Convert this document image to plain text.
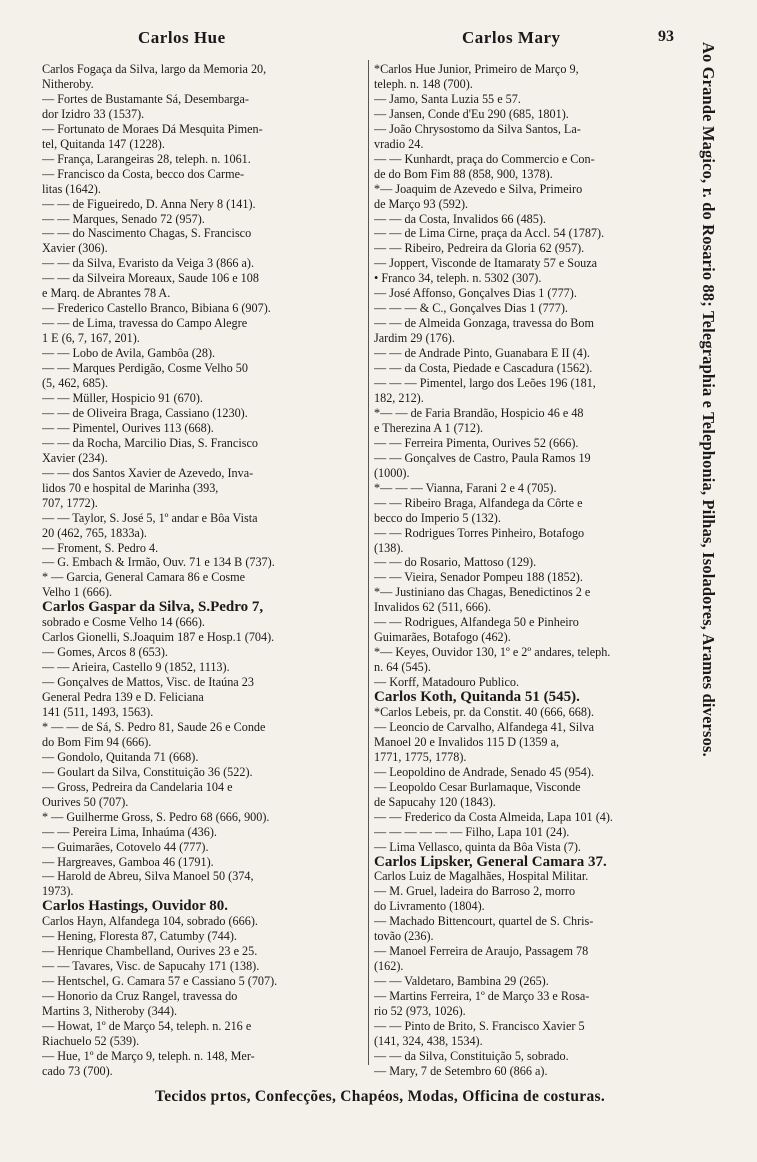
Carlos Hue	Carlos Mary	93
Carlos Fogaça da Silva, largo da Memoria 20,
Nitheroby.
— Fortes de Bustamante Sá, Desembarga-
dor Izidro 33 (1537).
— Fortunato de Moraes Dá Mesquita Pimen-
tel, Quitanda 147 (1228).
— França, Larangeiras 28, teleph. n. 1061.
— Francisco da Costa, becco dos Carme-
litas (1642).
— — de Figueiredo, D. Anna Nery 8 (141).
— — Marques, Senado 72 (957).
— — do Nascimento Chagas, S. Francisco
Xavier (306).
— — da Silva, Evaristo da Veiga 3 (866 a).
— — da Silveira Moreaux, Saude 106 e 108
e Marq. de Abrantes 78 A.
— Frederico Castello Branco, Bibiana 6 (907).
— — de Lima, travessa do Campo Alegre
1 E (6, 7, 167, 201).
— — Lobo de Avila, Gambôa (28).
— — Marques Perdigão, Cosme Velho 50
(5, 462, 685).
— — Müller, Hospicio 91 (670).
— — de Oliveira Braga, Cassiano (1230).
— — Pimentel, Ourives 113 (668).
— — da Rocha, Marcilio Dias, S. Francisco
Xavier (234).
— — dos Santos Xavier de Azevedo, Inva-
lidos 70 e hospital de Marinha (393,
707, 1772).
— — Taylor, S. José 5, 1º andar e Bôa Vista
20 (462, 765, 1833a).
— Froment, S. Pedro 4.
— G. Embach & Irmão, Ouv. 71 e 134 B (737).
* — Garcia, General Camara 86 e Cosme
Velho 1 (666).
Carlos Gaspar da Silva, S.Pedro 7,
sobrado e Cosme Velho 14 (666).
Carlos Gionelli, S.Joaquim 187 e Hosp.1 (704).
— Gomes, Arcos 8 (653).
— — Arieira, Castello 9 (1852, 1113).
— Gonçalves de Mattos, Visc. de Itaúna 23
General Pedra 139 e D. Feliciana
141 (511, 1493, 1563).
* — — de Sá, S. Pedro 81, Saude 26 e Conde
do Bom Fim 94 (666).
— Gondolo, Quitanda 71 (668).
— Goulart da Silva, Constituição 36 (522).
— Gross, Pedreira da Candelaria 104 e
Ourives 50 (707).
* — Guilherme Gross, S. Pedro 68 (666, 900).
— — Pereira Lima, Inhaúma (436).
— Guimarães, Cotovelo 44 (777).
— Hargreaves, Gamboa 46 (1791).
— Harold de Abreu, Silva Manoel 50 (374,
1973).
Carlos Hastings, Ouvidor 80.
Carlos Hayn, Alfandega 104, sobrado (666).
— Hening, Floresta 87, Catumby (744).
— Henrique Chambelland, Ourives 23 e 25.
— — Tavares, Visc. de Sapucahy 171 (138).
— Hentschel, G. Camara 57 e Cassiano 5 (707).
— Honorio da Cruz Rangel, travessa do
Martins 3, Nitheroby (344).
— Howat, 1º de Março 54, teleph. n. 216 e
Riachuelo 52 (539).
— Hue, 1º de Março 9, teleph. n. 148, Mer-
cado 73 (700).
*Carlos Hue Junior, Primeiro de Março 9,
teleph. n. 148 (700).
— Jamo, Santa Luzia 55 e 57.
— Jansen, Conde d'Eu 290 (685, 1801).
— João Chrysostomo da Silva Santos, La-
vradio 24.
— — Kunhardt, praça do Commercio e Con-
de do Bom Fim 88 (858, 900, 1378).
*— Joaquim de Azevedo e Silva, Primeiro
de Março 93 (592).
— — da Costa, Invalidos 66 (485).
— — de Lima Cirne, praça da Accl. 54 (1787).
— — Ribeiro, Pedreira da Gloria 62 (957).
— Joppert, Visconde de Itamaraty 57 e Souza
• Franco 34, teleph. n. 5302 (307).
— José Affonso, Gonçalves Dias 1 (777).
— — — & C., Gonçalves Dias 1 (777).
— — de Almeida Gonzaga, travessa do Bom
Jardim 29 (176).
— — de Andrade Pinto, Guanabara E II (4).
— — da Costa, Piedade e Cascadura (1562).
— — — Pimentel, largo dos Leões 196 (181,
182, 212).
*— — de Faria Brandão, Hospicio 46 e 48
e Therezina A 1 (712).
— — Ferreira Pimenta, Ourives 52 (666).
— — Gonçalves de Castro, Paula Ramos 19
(1000).
*— — — Vianna, Farani 2 e 4 (705).
— — Ribeiro Braga, Alfandega da Côrte e
becco do Imperio 5 (132).
— — Rodrigues Torres Pinheiro, Botafogo
(138).
— — do Rosario, Mattoso (129).
— — Vieira, Senador Pompeu 188 (1852).
*— Justiniano das Chagas, Benedictinos 2 e
Invalidos 62 (511, 666).
— — Rodrigues, Alfandega 50 e Pinheiro
Guimarães, Botafogo (462).
*— Keyes, Ouvidor 130, 1º e 2º andares, teleph.
n. 64 (545).
— Korff, Matadouro Publico.
Carlos Koth, Quitanda 51 (545).
*Carlos Lebeis, pr. da Constit. 40 (666, 668).
— Leoncio de Carvalho, Alfandega 41, Silva
Manoel 20 e Invalidos 115 D (1359 a,
1771, 1775, 1778).
— Leopoldino de Andrade, Senado 45 (954).
— Leopoldo Cesar Burlamaque, Visconde
de Sapucahy 120 (1843).
— — Frederico da Costa Almeida, Lapa 101 (4).
— — — — — — Filho, Lapa 101 (24).
— Lima Vellasco, quinta da Bôa Vista (7).
Carlos Lipsker, General Camara 37.
Carlos Luiz de Magalhães, Hospital Militar.
— M. Gruel, ladeira do Barroso 2, morro
do Livramento (1804).
— Machado Bittencourt, quartel de S. Chris-
tovão (236).
— Manoel Ferreira de Araujo, Passagem 78
(162).
— — Valdetaro, Bambina 29 (265).
— Martins Ferreira, 1º de Março 33 e Rosa-
rio 52 (973, 1026).
— — Pinto de Brito, S. Francisco Xavier 5
(141, 324, 438, 1534).
— — da Silva, Constituição 5, sobrado.
— Mary, 7 de Setembro 60 (866 a).
Ao Grande Magico, r. do Rosario 88; Telegraphia e Telephonia, Pilhas, Isoladores, Arames diversos.
Tecidos prtos, Confecções, Chapéos, Modas, Officina de costuras.
